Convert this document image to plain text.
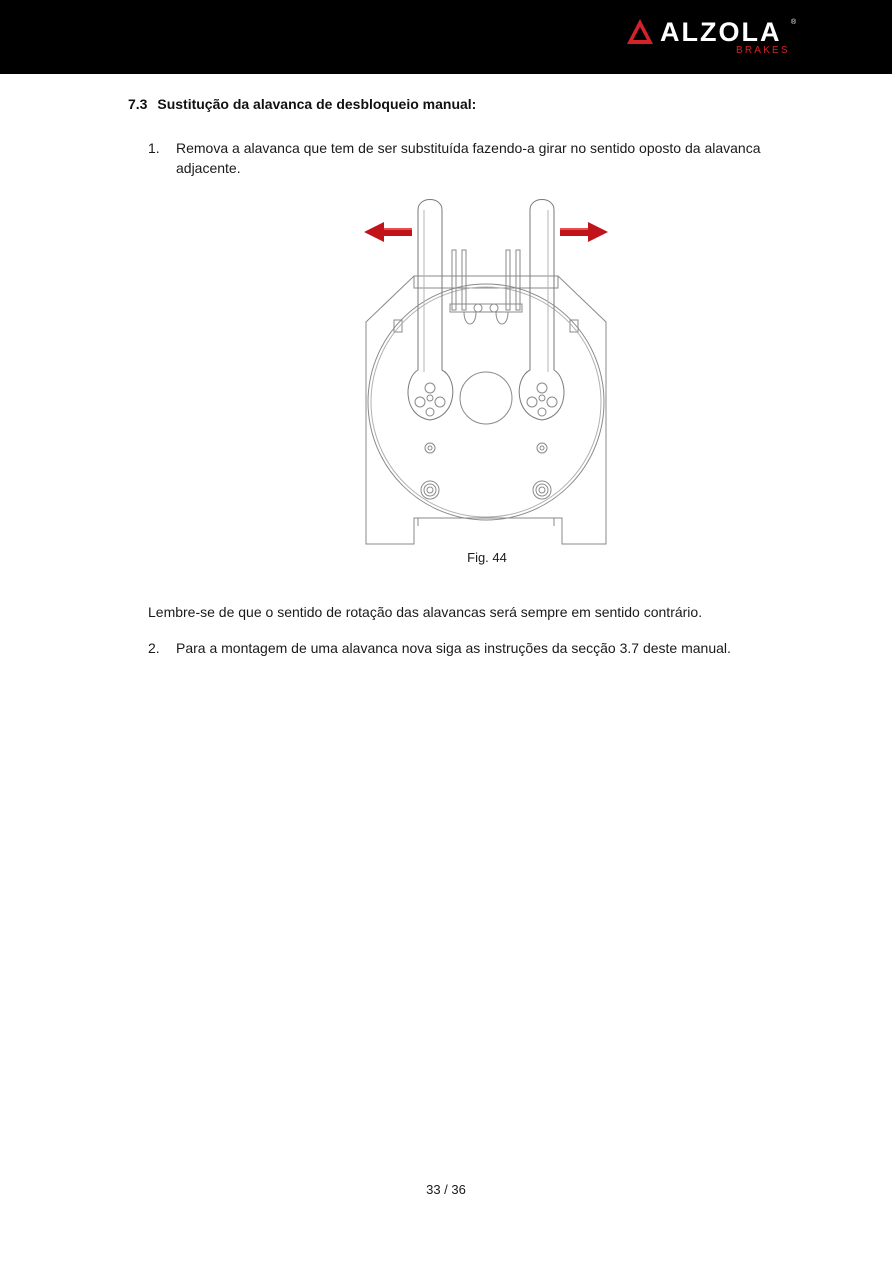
ALZOLA ®
BRAKES
7.3 Sustitução da alavanca de desbloqueio manual:
1. Remova a alavanca que tem de ser substituída fazendo-a girar no sentido oposto da alavanca adjacente.
Fig. 44
Lembre-se de que o sentido de rotação das alavancas será sempre em sentido contrário.
2. Para a montagem de uma alavanca nova siga as instruções da secção 3.7 deste manual.
33 / 36
